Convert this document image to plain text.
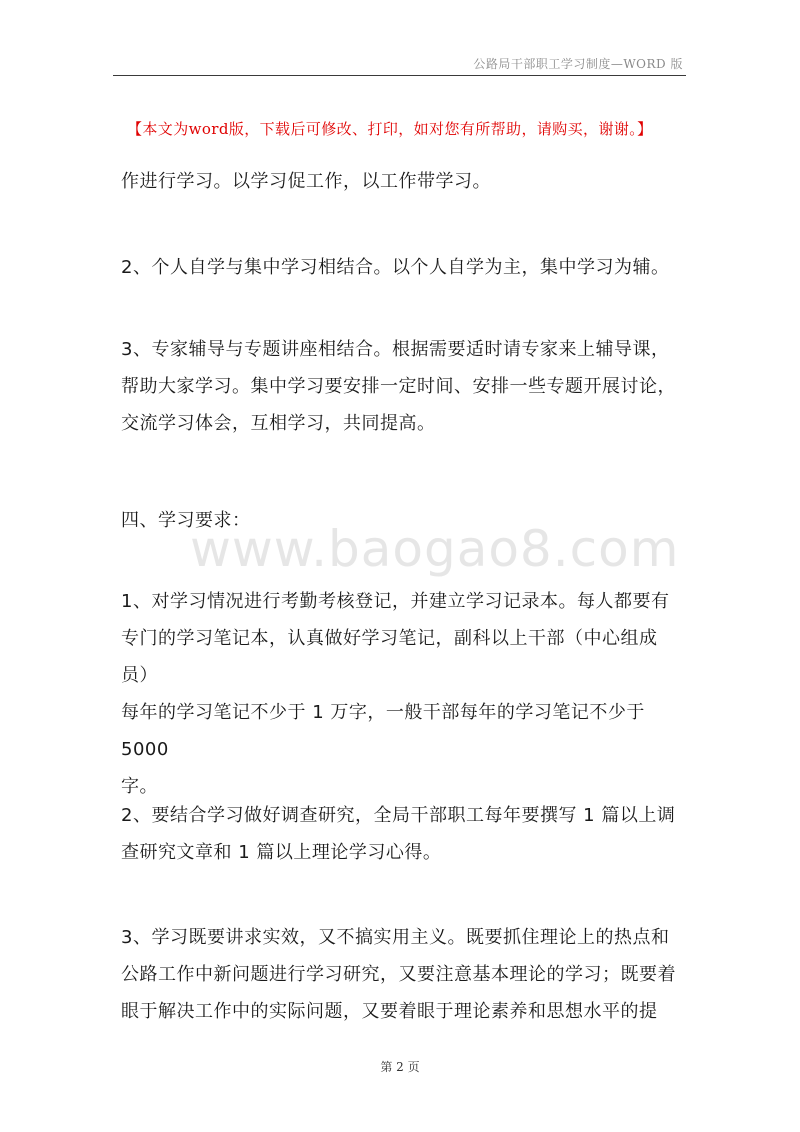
公路局干部职工学习制度—WORD 版
【本文为word版，下载后可修改、打印，如对您有所帮助，请购买，谢谢。】
www.baogao8.com

作进行学习。以学习促工作，以工作带学习。

2、个人自学与集中学习相结合。以个人自学为主，集中学习为辅。

3、专家辅导与专题讲座相结合。根据需要适时请专家来上辅导课，
帮助大家学习。集中学习要安排一定时间、安排一些专题开展讨论，
交流学习体会，互相学习，共同提高。

四、学习要求：

1、对学习情况进行考勤考核登记，并建立学习记录本。每人都要有
专门的学习笔记本，认真做好学习笔记，副科以上干部（中心组成员）
每年的学习笔记不少于 1 万字，一般干部每年的学习笔记不少于 5000
字。

2、要结合学习做好调查研究，全局干部职工每年要撰写 1 篇以上调
查研究文章和 1 篇以上理论学习心得。

3、学习既要讲求实效，又不搞实用主义。既要抓住理论上的热点和
公路工作中新问题进行学习研究，又要注意基本理论的学习；既要着
眼于解决工作中的实际问题，又要着眼于理论素养和思想水平的提

第 2 页
